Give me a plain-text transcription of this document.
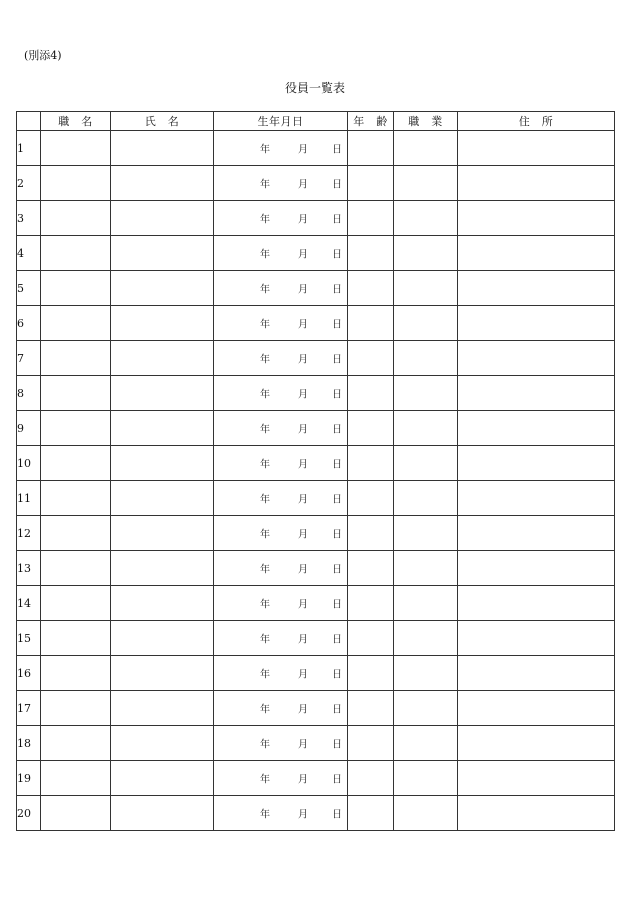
(別添4)
役員一覧表
	職　名	氏　名	生年月日	年　齢	職　業	住　所
1			年 月 日			

2			年 月 日			

3			年 月 日			

4			年 月 日			

5			年 月 日			

6			年 月 日			

7			年 月 日			

8			年 月 日			

9			年 月 日			

10			年 月 日			

11			年 月 日			

12			年 月 日			

13			年 月 日			

14			年 月 日			

15			年 月 日			

16			年 月 日			

17			年 月 日			

18			年 月 日			

19			年 月 日			

20			年 月 日			
